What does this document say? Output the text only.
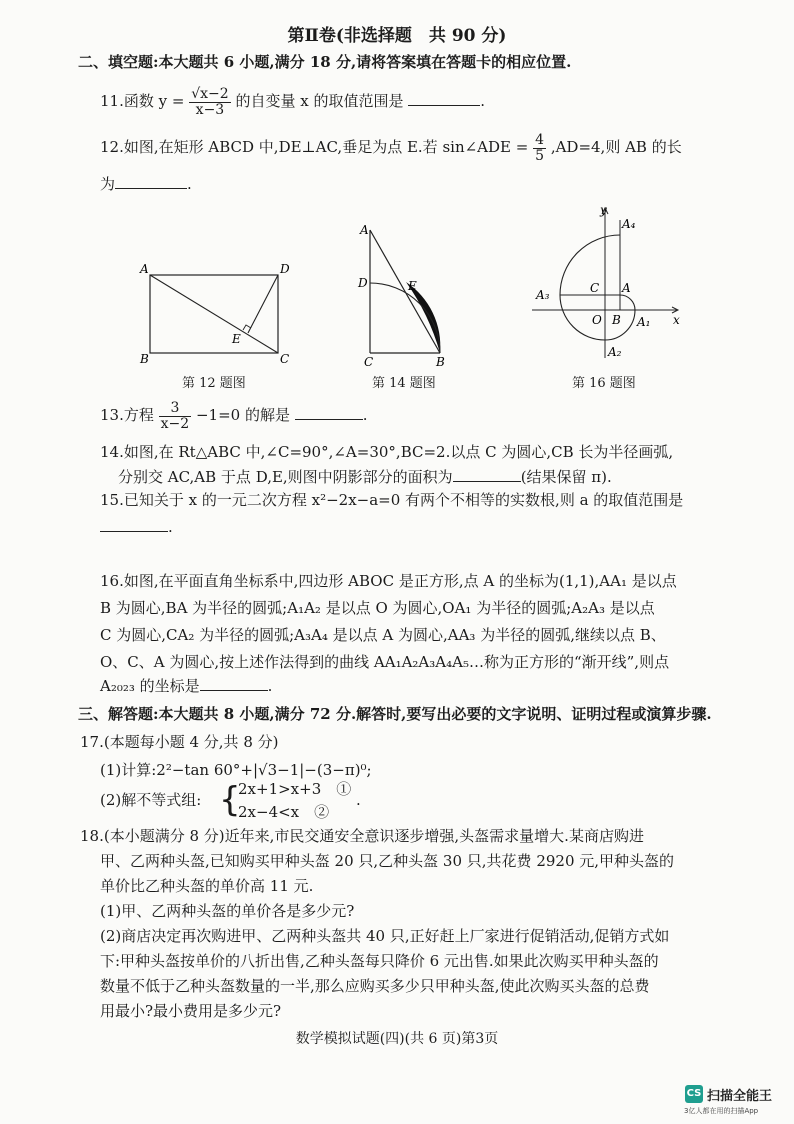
第Ⅱ卷(非选择题　共 90 分)
二、填空题:本大题共 6 小题,满分 18 分,请将答案填在答题卡的相应位置.
11.函数 $y = \frac{√x-2}{x-3}$ 的自变量 x 的取值范围是	.
12.如图,在矩形 ABCD 中,DE⊥AC,垂足为点 E.若 sin∠ADE = $\frac{4}{5} ,AD=4$,则 AB 的长
为	.
A	D
B	C
E
第 12 题图
A
D	E
C	B
第 14 题图
y
x
O
A
B
C
A₁
A₂
A₃
A₄
第 16 题图
13.方程 $\frac{3}{x-2} -1=0$ 的解是	.
14.如图,在 Rt△ABC 中,∠C=90°,∠A=30°,BC=2.以点 C 为圆心,CB 长为半径画弧,
分别交 AC,AB 于点 D,E,则图中阴影部分的面积为	(结果保留 π).
15.已知关于 x 的一元二次方程 x²−2x−a=0 有两个不相等的实数根,则 a 的取值范围是
.
16.如图,在平面直角坐标系中,四边形 ABOC 是正方形,点 A 的坐标为(1,1),AA₁ 是以点
B 为圆心,BA 为半径的圆弧;A₁A₂ 是以点 O 为圆心,OA₁ 为半径的圆弧;A₂A₃ 是以点
C 为圆心,CA₂ 为半径的圆弧;A₃A₄ 是以点 A 为圆心,AA₃ 为半径的圆弧,继续以点 B、
O、C、A 为圆心,按上述作法得到的曲线 AA₁A₂A₃A₄A₅…称为正方形的“渐开线”,则点
A₂₀₂₃ 的坐标是	.
三、解答题:本大题共 8 小题,满分 72 分.解答时,要写出必要的文字说明、证明过程或演算步骤.
17.(本题每小题 4 分,共 8 分)
(1)计算:2²−tan 60°+|√3−1|−(3−π)⁰;
(2)解不等式组: {
2x+1>x+3　①
2x−4<x　②
.
18.(本小题满分 8 分)近年来,市民交通安全意识逐步增强,头盔需求量增大.某商店购进
甲、乙两种头盔,已知购买甲种头盔 20 只,乙种头盔 30 只,共花费 2920 元,甲种头盔的
单价比乙种头盔的单价高 11 元.
(1)甲、乙两种头盔的单价各是多少元?
(2)商店决定再次购进甲、乙两种头盔共 40 只,正好赶上厂家进行促销活动,促销方式如
下:甲种头盔按单价的八折出售,乙种头盔每只降价 6 元出售.如果此次购买甲种头盔的
数量不低于乙种头盔数量的一半,那么应购买多少只甲种头盔,使此次购买头盔的总费
用最小?最小费用是多少元?
数学模拟试题(四)(共 6 页)第3页
CS 扫描全能王
3亿人都在用的扫描App
